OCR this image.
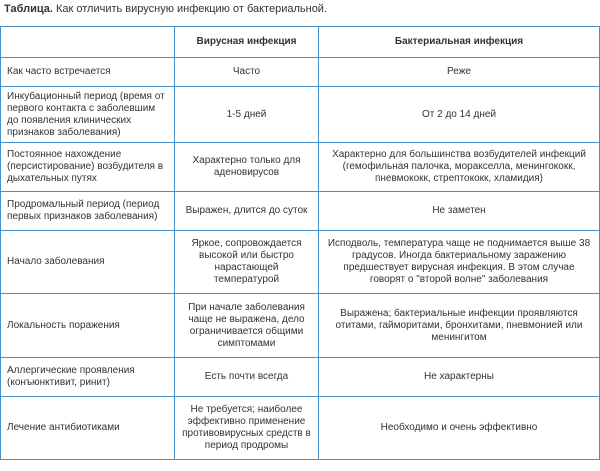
Таблица. Как отличить вирусную инфекцию от бактериальной.
	Вирусная инфекция	Бактериальная инфекция
Как часто встречается	Часто	Реже
Инкубационный период (время от первого контакта с заболевшим до появления клинических признаков заболевания)	1-5 дней	От 2 до 14 дней
Постоянное нахождение (персистирование) возбудителя в дыхательных путях	Характерно только для аденовирусов	Характерно для большинства возбудителей инфекций (гемофильная палочка, моракселла, менингококк, пневмококк, стрептококк, хламидия)
Продромальный период (период первых признаков заболевания)	Выражен, длится до суток	Не заметен
Начало заболевания	Яркое, сопровождается высокой или быстро нарастающей температурой	Исподволь, температура чаще не поднимается выше 38 градусов. Иногда бактериальному заражению предшествует вирусная инфекция. В этом случае говорят о "второй волне" заболевания
Локальность поражения	При начале заболевания чаще не выражена, дело ограничивается общими симптомами	Выражена; бактериальные инфекции проявляются отитами, гайморитами, бронхитами, пневмонией или менингитом
Аллергические проявления (конъюнктивит, ринит)	Есть почти всегда	Не характерны
Лечение антибиотиками	Не требуется; наиболее эффективно применение противовирусных средств в период продромы	Необходимо и очень эффективно
